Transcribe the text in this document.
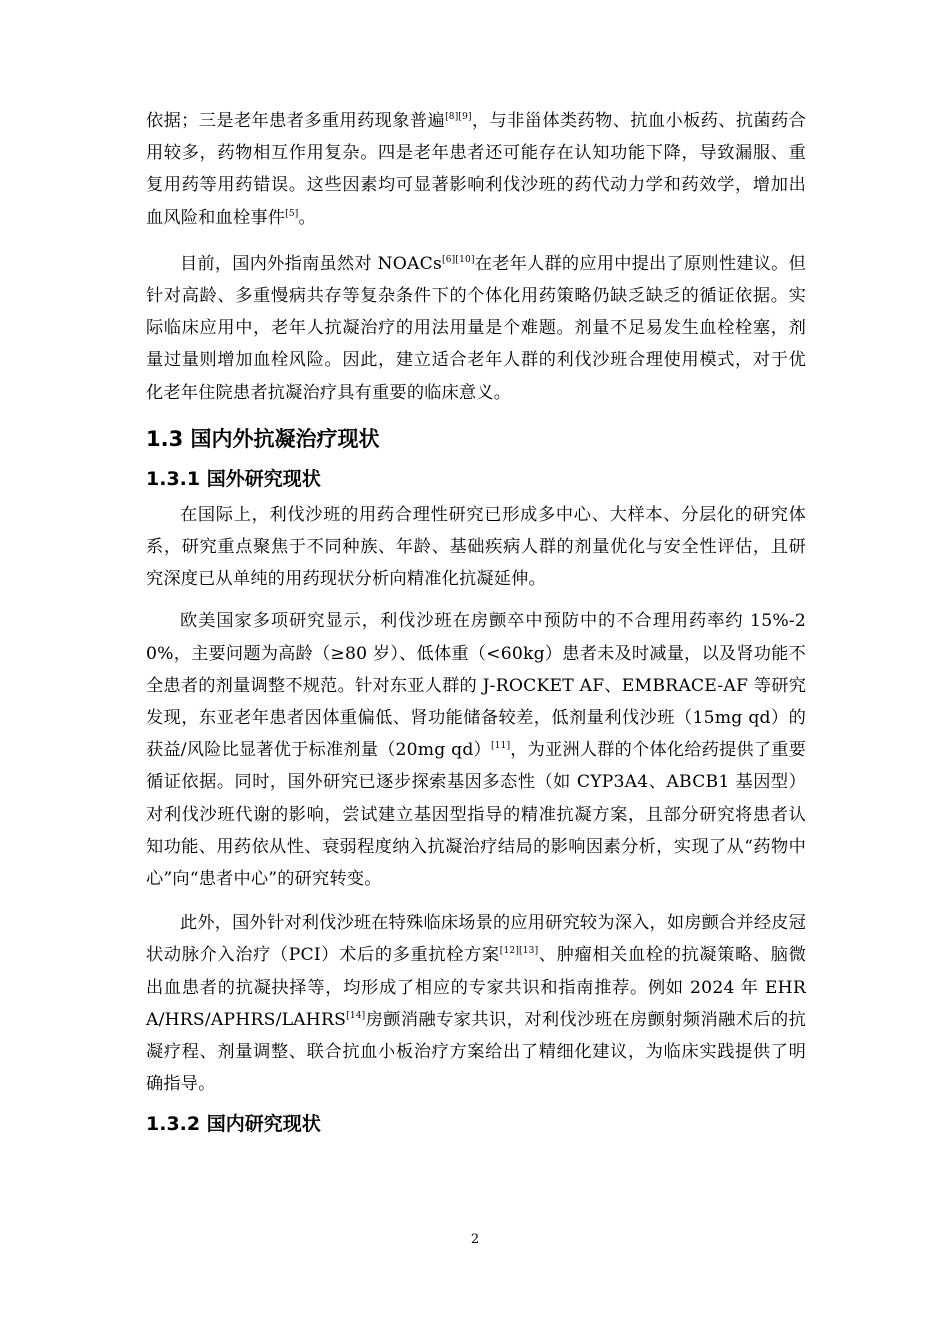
依据；三是老年患者多重用药现象普遍[8][9]，与非甾体类药物、抗血小板药、抗菌药合用较多，药物相互作用复杂。四是老年患者还可能存在认知功能下降，导致漏服、重复用药等用药错误。这些因素均可显著影响利伐沙班的药代动力学和药效学，增加出血风险和血栓事件[5]。

目前，国内外指南虽然对 NOACs[6][10]在老年人群的应用中提出了原则性建议。但针对高龄、多重慢病共存等复杂条件下的个体化用药策略仍缺乏缺乏的循证依据。实际临床应用中，老年人抗凝治疗的用法用量是个难题。剂量不足易发生血栓栓塞，剂量过量则增加血栓风险。因此，建立适合老年人群的利伐沙班合理使用模式，对于优化老年住院患者抗凝治疗具有重要的临床意义。

1.3 国内外抗凝治疗现状
1.3.1 国外研究现状

在国际上，利伐沙班的用药合理性研究已形成多中心、大样本、分层化的研究体系，研究重点聚焦于不同种族、年龄、基础疾病人群的剂量优化与安全性评估，且研究深度已从单纯的用药现状分析向精准化抗凝延伸。

欧美国家多项研究显示，利伐沙班在房颤卒中预防中的不合理用药率约 15%-20%，主要问题为高龄（≥80 岁）、低体重（<60kg）患者未及时减量，以及肾功能不全患者的剂量调整不规范。针对东亚人群的 J-ROCKET AF、EMBRACE-AF 等研究发现，东亚老年患者因体重偏低、肾功能储备较差，低剂量利伐沙班（15mg qd）的获益/风险比显著优于标准剂量（20mg qd）[11]，为亚洲人群的个体化给药提供了重要循证依据。同时，国外研究已逐步探索基因多态性（如 CYP3A4、ABCB1 基因型）对利伐沙班代谢的影响，尝试建立基因型指导的精准抗凝方案，且部分研究将患者认知功能、用药依从性、衰弱程度纳入抗凝治疗结局的影响因素分析，实现了从“药物中心”向“患者中心”的研究转变。

此外，国外针对利伐沙班在特殊临床场景的应用研究较为深入，如房颤合并经皮冠状动脉介入治疗（PCI）术后的多重抗栓方案[12][13]、肿瘤相关血栓的抗凝策略、脑微出血患者的抗凝抉择等，均形成了相应的专家共识和指南推荐。例如 2024 年 EHRA/HRS/APHRS/LAHRS[14]房颤消融专家共识，对利伐沙班在房颤射频消融术后的抗凝疗程、剂量调整、联合抗血小板治疗方案给出了精细化建议，为临床实践提供了明确指导。

1.3.2 国内研究现状
2
